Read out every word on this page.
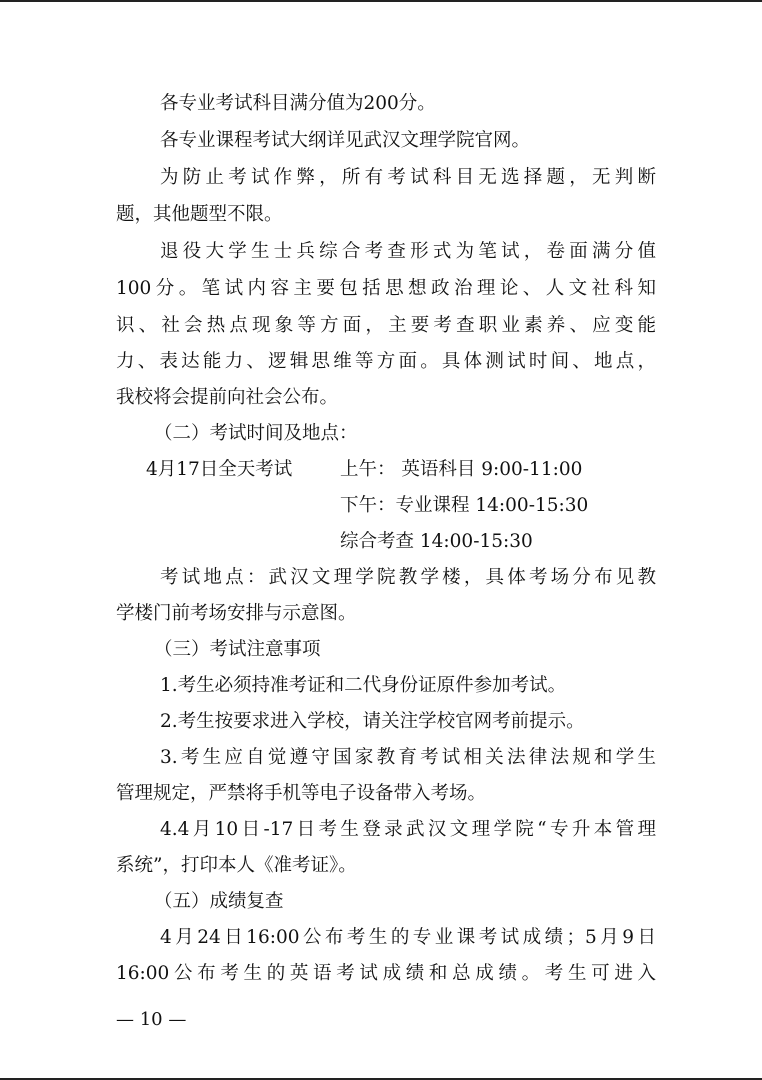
各专业考试科目满分值为200分。
各专业课程考试大纲详见武汉文理学院官网。
为防止考试作弊，所有考试科目无选择题，无判断
题，其他题型不限。
退役大学生士兵综合考查形式为笔试，卷面满分值
100分。笔试内容主要包括思想政治理论、人文社科知
识、社会热点现象等方面，主要考查职业素养、应变能
力、表达能力、逻辑思维等方面。具体测试时间、地点，
我校将会提前向社会公布。
（二）考试时间及地点：
4月17日全天考试	上午： 英语科目 9:00-11:00
下午：专业课程 14:00-15:30
综合考查 14:00-15:30
考试地点：武汉文理学院教学楼，具体考场分布见教
学楼门前考场安排与示意图。
（三）考试注意事项
1.考生必须持准考证和二代身份证原件参加考试。
2.考生按要求进入学校，请关注学校官网考前提示。
3.考生应自觉遵守国家教育考试相关法律法规和学生
管理规定，严禁将手机等电子设备带入考场。
4.4月10日-17日考生登录武汉文理学院“专升本管理
系统”，打印本人《准考证》。
（五）成绩复查
4月24日16:00公布考生的专业课考试成绩；5月9日
16:00公布考生的英语考试成绩和总成绩。考生可进入
— 10 —
